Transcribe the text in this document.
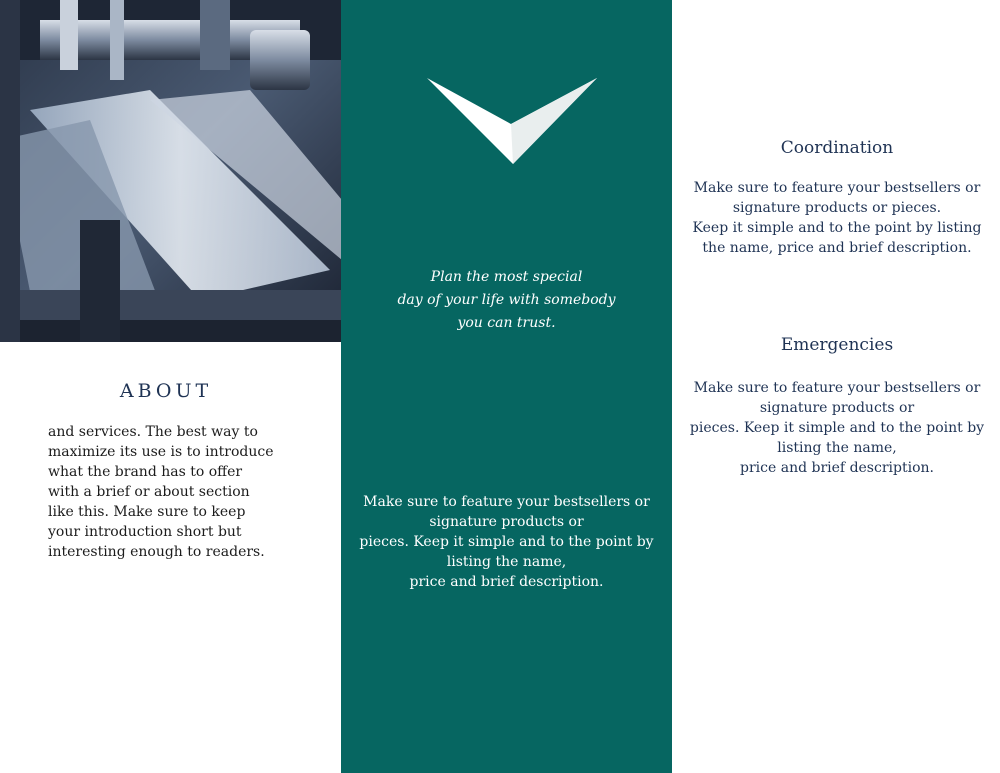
ABOUT
and services. The best way to
maximize its use is to introduce
what the brand has to offer
with a brief or about section
like this. Make sure to keep
your introduction short but
interesting enough to readers.
Plan the most special
day of your life with somebody
you can trust.
Make sure to feature your bestsellers or
signature products or
pieces. Keep it simple and to the point by
listing the name,
price and brief description.
Coordination
Make sure to feature your bestsellers or
signature products or pieces.
Keep it simple and to the point by listing
the name, price and brief description.
Emergencies
Make sure to feature your bestsellers or
signature products or
pieces. Keep it simple and to the point by
listing the name,
price and brief description.
